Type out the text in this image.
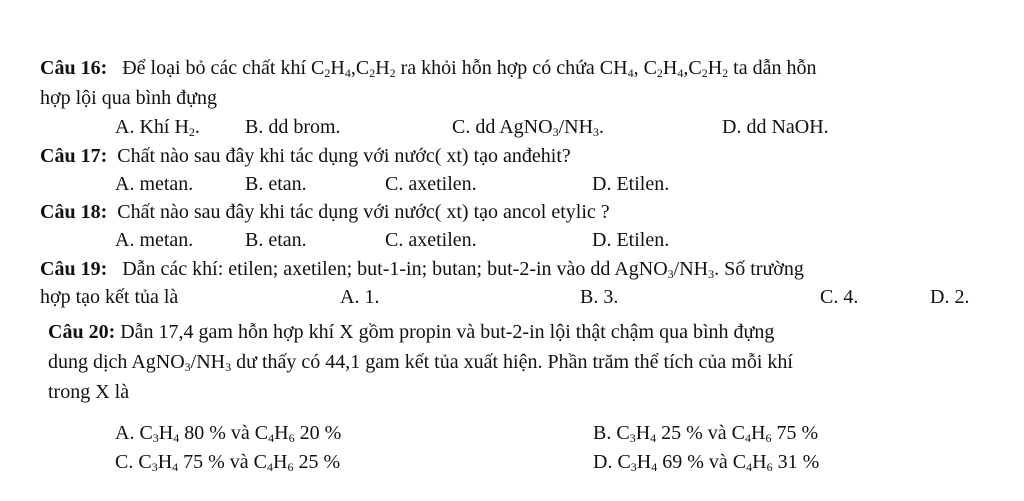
Câu 16: Để loại bỏ các chất khí $C_2H_4,C_2H_2$ ra khỏi hỗn hợp có chứa $CH_4$, $C_2H_4,C_2H_2$ ta dẫn hỗn
hợp lội qua bình đựng
A. Khí $H_2$. B. dd brom.	C. dd $AgNO_3/NH_3$.	D. dd NaOH.
Câu 17: Chất nào sau đây khi tác dụng với nước( xt) tạo anđehit?
A. metan.	B. etan.	C. axetilen.	D. Etilen.
Câu 18: Chất nào sau đây khi tác dụng với nước( xt) tạo ancol etylic ?
A. metan.	B. etan.	C. axetilen.	D. Etilen.
Câu 19: Dẫn các khí: etilen; axetilen; but-1-in; butan; but-2-in vào dd $AgNO_3/NH_3$. Số trường
hợp tạo kết tủa là	A. 1.	B. 3.	C. 4.	D. 2.
Câu 20: Dẫn 17,4 gam hỗn hợp khí X gồm propin và but-2-in lội thật chậm qua bình đựng
dung dịch $AgNO_3/NH_3$ dư thấy có 44,1 gam kết tủa xuất hiện. Phần trăm thể tích của mỗi khí
trong X là
A. $C_3H_4$ 80 % và $C_4H_6$ 20 %	B. $C_3H_4$ 25 % và $C_4H_6$ 75 %
C. $C_3H_4$ 75 % và $C_4H_6$ 25 %	D. $C_3H_4$ 69 % và $C_4H_6$ 31 %
